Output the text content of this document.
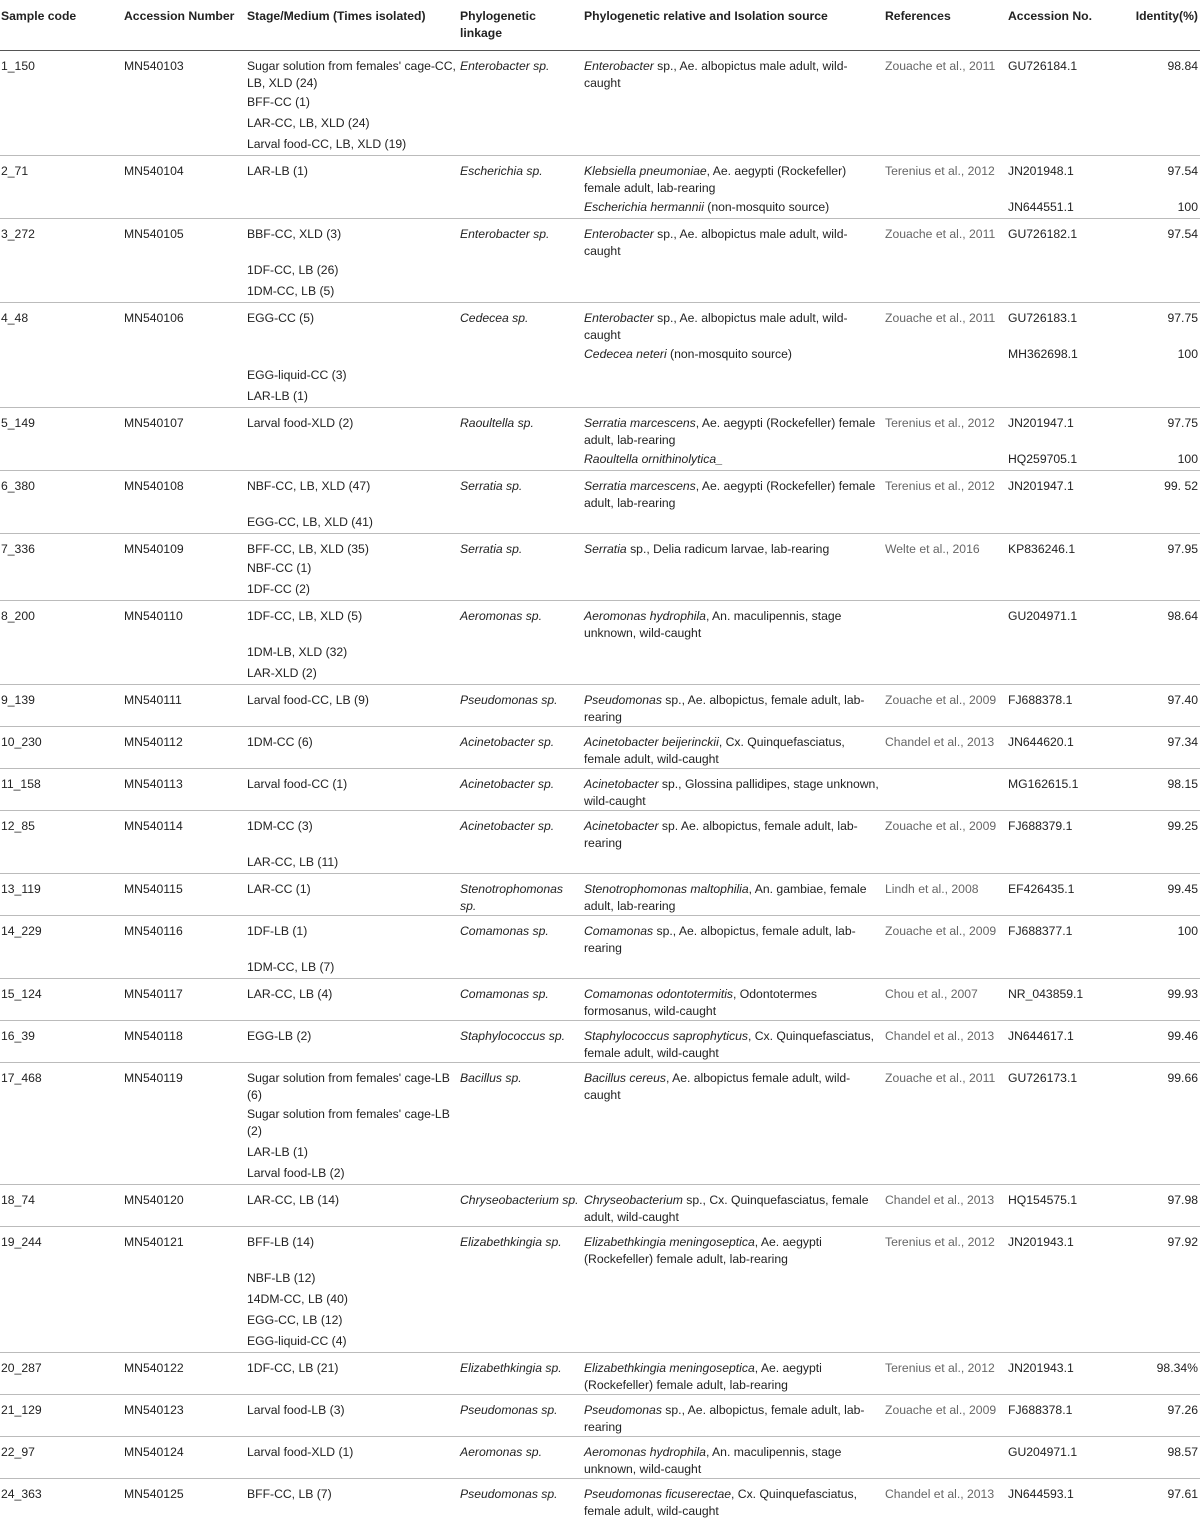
Sample code	Accession Number	Stage/Medium (Times isolated)	Phylogenetic linkage	Phylogenetic relative and Isolation source	References	Accession No.	Identity(%)
1_150	MN540103	Sugar solution from females' cage-CC, LB, XLD (24)	Enterobacter sp.	Enterobacter sp., Ae. albopictus male adult, wild-caught	Zouache et al., 2011	GU726184.1	98.84
		BFF-CC (1)					
		LAR-CC, LB, XLD (24)					
		Larval food-CC, LB, XLD (19)					
2_71	MN540104	LAR-LB (1)	Escherichia sp.	Klebsiella pneumoniae, Ae. aegypti (Rockefeller) female adult, lab-rearing	Terenius et al., 2012	JN201948.1	97.54
				Escherichia hermannii (non-mosquito source)		JN644551.1	100
3_272	MN540105	BBF-CC, XLD (3)	Enterobacter sp.	Enterobacter sp., Ae. albopictus male adult, wild-caught	Zouache et al., 2011	GU726182.1	97.54
		1DF-CC, LB (26)					
		1DM-CC, LB (5)					
4_48	MN540106	EGG-CC (5)	Cedecea sp.	Enterobacter sp., Ae. albopictus male adult, wild-caught	Zouache et al., 2011	GU726183.1	97.75
				Cedecea neteri (non-mosquito source)		MH362698.1	100
		EGG-liquid-CC (3)					
		LAR-LB (1)					
5_149	MN540107	Larval food-XLD (2)	Raoultella sp.	Serratia marcescens, Ae. aegypti (Rockefeller) female adult, lab-rearing	Terenius et al., 2012	JN201947.1	97.75
				Raoultella ornithinolytica_		HQ259705.1	100
6_380	MN540108	NBF-CC, LB, XLD (47)	Serratia sp.	Serratia marcescens, Ae. aegypti (Rockefeller) female adult, lab-rearing	Terenius et al., 2012	JN201947.1	99. 52
		EGG-CC, LB, XLD (41)					
7_336	MN540109	BFF-CC, LB, XLD (35)	Serratia sp.	Serratia sp., Delia radicum larvae, lab-rearing	Welte et al., 2016	KP836246.1	97.95
		NBF-CC (1)					
		1DF-CC (2)					
8_200	MN540110	1DF-CC, LB, XLD (5)	Aeromonas sp.	Aeromonas hydrophila, An. maculipennis, stage unknown, wild-caught		GU204971.1	98.64
		1DM-LB, XLD (32)					
		LAR-XLD (2)					
9_139	MN540111	Larval food-CC, LB (9)	Pseudomonas sp.	Pseudomonas sp., Ae. albopictus, female adult, lab-rearing	Zouache et al., 2009	FJ688378.1	97.40
10_230	MN540112	1DM-CC (6)	Acinetobacter sp.	Acinetobacter beijerinckii, Cx. Quinquefasciatus, female adult, wild-caught	Chandel et al., 2013	JN644620.1	97.34
11_158	MN540113	Larval food-CC (1)	Acinetobacter sp.	Acinetobacter sp., Glossina pallidipes, stage unknown, wild-caught		MG162615.1	98.15
12_85	MN540114	1DM-CC (3)	Acinetobacter sp.	Acinetobacter sp. Ae. albopictus, female adult, lab-rearing	Zouache et al., 2009	FJ688379.1	99.25
		LAR-CC, LB (11)					
13_119	MN540115	LAR-CC (1)	Stenotrophomonas sp.	Stenotrophomonas maltophilia, An. gambiae, female adult, lab-rearing	Lindh et al., 2008	EF426435.1	99.45
14_229	MN540116	1DF-LB (1)	Comamonas sp.	Comamonas sp., Ae. albopictus, female adult, lab-rearing	Zouache et al., 2009	FJ688377.1	100
		1DM-CC, LB (7)					
15_124	MN540117	LAR-CC, LB (4)	Comamonas sp.	Comamonas odontotermitis, Odontotermes formosanus, wild-caught	Chou et al., 2007	NR_043859.1	99.93
16_39	MN540118	EGG-LB (2)	Staphylococcus sp.	Staphylococcus saprophyticus, Cx. Quinquefasciatus, female adult, wild-caught	Chandel et al., 2013	JN644617.1	99.46
17_468	MN540119	Sugar solution from females' cage-LB (6)	Bacillus sp.	Bacillus cereus, Ae. albopictus female adult, wild-caught	Zouache et al., 2011	GU726173.1	99.66
		Sugar solution from females' cage-LB (2)					
		LAR-LB (1)					
		Larval food-LB (2)					
18_74	MN540120	LAR-CC, LB (14)	Chryseobacterium sp.	Chryseobacterium sp., Cx. Quinquefasciatus, female adult, wild-caught	Chandel et al., 2013	HQ154575.1	97.98
19_244	MN540121	BFF-LB (14)	Elizabethkingia sp.	Elizabethkingia meningoseptica, Ae. aegypti (Rockefeller) female adult, lab-rearing	Terenius et al., 2012	JN201943.1	97.92
		NBF-LB (12)					
		14DM-CC, LB (40)					
		EGG-CC, LB (12)					
		EGG-liquid-CC (4)					
20_287	MN540122	1DF-CC, LB (21)	Elizabethkingia sp.	Elizabethkingia meningoseptica, Ae. aegypti (Rockefeller) female adult, lab-rearing	Terenius et al., 2012	JN201943.1	98.34%
21_129	MN540123	Larval food-LB (3)	Pseudomonas sp.	Pseudomonas sp., Ae. albopictus, female adult, lab-rearing	Zouache et al., 2009	FJ688378.1	97.26
22_97	MN540124	Larval food-XLD (1)	Aeromonas sp.	Aeromonas hydrophila, An. maculipennis, stage unknown, wild-caught		GU204971.1	98.57
24_363	MN540125	BFF-CC, LB (7)	Pseudomonas sp.	Pseudomonas ficuserectae, Cx. Quinquefasciatus, female adult, wild-caught	Chandel et al., 2013	JN644593.1	97.61
